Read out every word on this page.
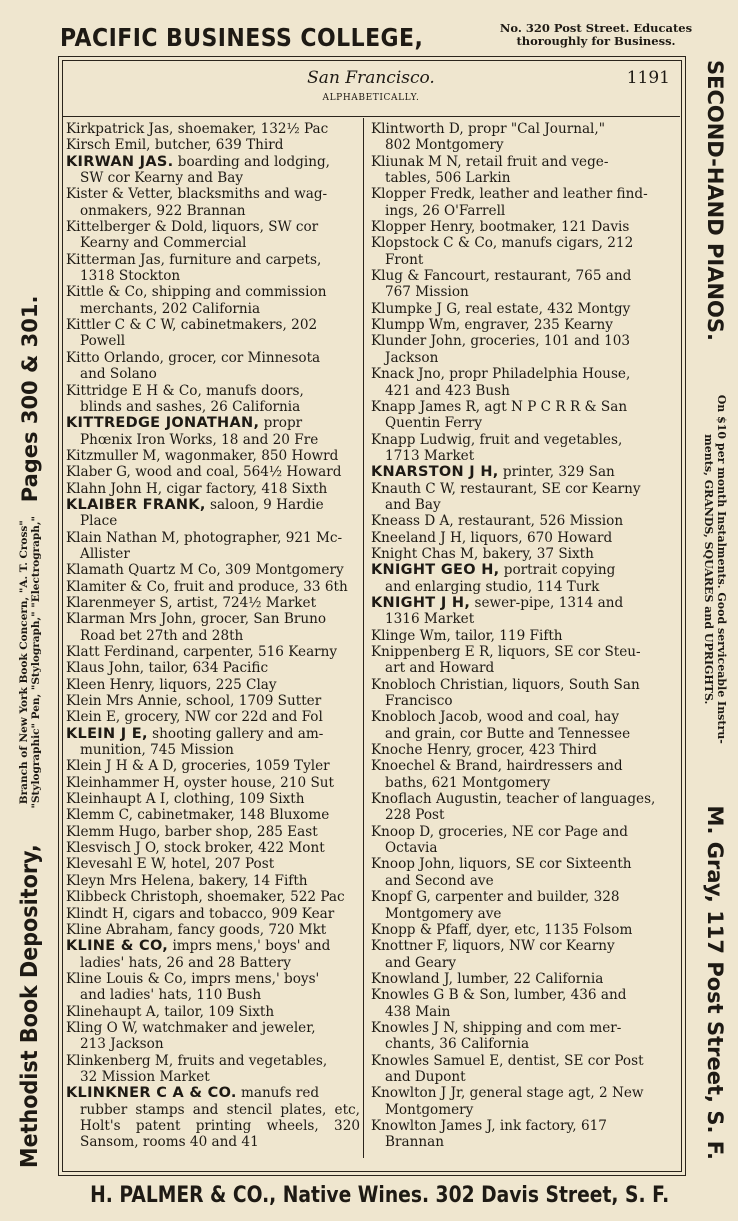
PACIFIC BUSINESS COLLEGE,	No. 320 Post Street. Educates
thoroughly for Business.
San Francisco.	1191
ALPHABETICALLY.
Kirkpatrick Jas, shoemaker, 132½ Pac
Kirsch Emil, butcher, 639 Third
KIRWAN JAS. boarding and lodging,
SW cor Kearny and Bay
Kister & Vetter, blacksmiths and wag-
onmakers, 922 Brannan
Kittelberger & Dold, liquors, SW cor
Kearny and Commercial
Kitterman Jas, furniture and carpets,
1318 Stockton
Kittle & Co, shipping and commission
merchants, 202 California
Kittler C & C W, cabinetmakers, 202
Powell
Kitto Orlando, grocer, cor Minnesota
and Solano
Kittridge E H & Co, manufs doors,
blinds and sashes, 26 California
KITTREDGE JONATHAN, propr
Phœnix Iron Works, 18 and 20 Fre
Kitzmuller M, wagonmaker, 850 Howrd
Klaber G, wood and coal, 564½ Howard
Klahn John H, cigar factory, 418 Sixth
KLAIBER FRANK, saloon, 9 Hardie
Place
Klain Nathan M, photographer, 921 Mc-
Allister
Klamath Quartz M Co, 309 Montgomery
Klamiter & Co, fruit and produce, 33 6th
Klarenmeyer S, artist, 724½ Market
Klarman Mrs John, grocer, San Bruno
Road bet 27th and 28th
Klatt Ferdinand, carpenter, 516 Kearny
Klaus John, tailor, 634 Pacific
Kleen Henry, liquors, 225 Clay
Klein Mrs Annie, school, 1709 Sutter
Klein E, grocery, NW cor 22d and Fol
KLEIN J E, shooting gallery and am-
munition, 745 Mission
Klein J H & A D, groceries, 1059 Tyler
Kleinhammer H, oyster house, 210 Sut
Kleinhaupt A I, clothing, 109 Sixth
Klemm C, cabinetmaker, 148 Bluxome
Klemm Hugo, barber shop, 285 East
Klesvisch J O, stock broker, 422 Mont
Klevesahl E W, hotel, 207 Post
Kleyn Mrs Helena, bakery, 14 Fifth
Klibbeck Christoph, shoemaker, 522 Pac
Klindt H, cigars and tobacco, 909 Kear
Kline Abraham, fancy goods, 720 Mkt
KLINE & CO, imprs mens,' boys' and
ladies' hats, 26 and 28 Battery
Kline Louis & Co, imprs mens,' boys'
and ladies' hats, 110 Bush
Klinehaupt A, tailor, 109 Sixth
Kling O W, watchmaker and jeweler,
213 Jackson
Klinkenberg M, fruits and vegetables,
32 Mission Market
KLINKNER C A & CO. manufs red
rubber stamps and stencil plates, etc, Holt's patent printing wheels, 320 Sansom, rooms 40 and 41
Klintworth D, propr "Cal Journal,"
802 Montgomery
Kliunak M N, retail fruit and vege-
tables, 506 Larkin
Klopper Fredk, leather and leather find-
ings, 26 O'Farrell
Klopper Henry, bootmaker, 121 Davis
Klopstock C & Co, manufs cigars, 212
Front
Klug & Fancourt, restaurant, 765 and
767 Mission
Klumpke J G, real estate, 432 Montgy
Klumpp Wm, engraver, 235 Kearny
Klunder John, groceries, 101 and 103
Jackson
Knack Jno, propr Philadelphia House,
421 and 423 Bush
Knapp James R, agt N P C R R & San
Quentin Ferry
Knapp Ludwig, fruit and vegetables,
1713 Market
KNARSTON J H, printer, 329 San
Knauth C W, restaurant, SE cor Kearny
and Bay
Kneass D A, restaurant, 526 Mission
Kneeland J H, liquors, 670 Howard
Knight Chas M, bakery, 37 Sixth
KNIGHT GEO H, portrait copying
and enlarging studio, 114 Turk
KNIGHT J H, sewer-pipe, 1314 and
1316 Market
Klinge Wm, tailor, 119 Fifth
Knippenberg E R, liquors, SE cor Steu-
art and Howard
Knobloch Christian, liquors, South San
Francisco
Knobloch Jacob, wood and coal, hay
and grain, cor Butte and Tennessee
Knoche Henry, grocer, 423 Third
Knoechel & Brand, hairdressers and
baths, 621 Montgomery
Knoflach Augustin, teacher of languages,
228 Post
Knoop D, groceries, NE cor Page and
Octavia
Knoop John, liquors, SE cor Sixteenth
and Second ave
Knopf G, carpenter and builder, 328
Montgomery ave
Knopp & Pfaff, dyer, etc, 1135 Folsom
Knottner F, liquors, NW cor Kearny
and Geary
Knowland J, lumber, 22 California
Knowles G B & Son, lumber, 436 and
438 Main
Knowles J N, shipping and com mer-
chants, 36 California
Knowles Samuel E, dentist, SE cor Post
and Dupont
Knowlton J Jr, general stage agt, 2 New
Montgomery
Knowlton James J, ink factory, 617
Brannan
H. PALMER & CO., Native Wines. 302 Davis Street, S. F.
Methodist Book Depository,
Branch of New York Book Concern, "A. T. Cross" "Stylographic" Pen, "Stylograph," "Electrograph,"
Pages 300 & 301.
SECOND-HAND PIANOS.
On $10 per month Instalments. Good serviceable Instru-
ments, GRANDS, SQUARES and UPRIGHTS.
M. Gray, 117 Post Street, S. F.
